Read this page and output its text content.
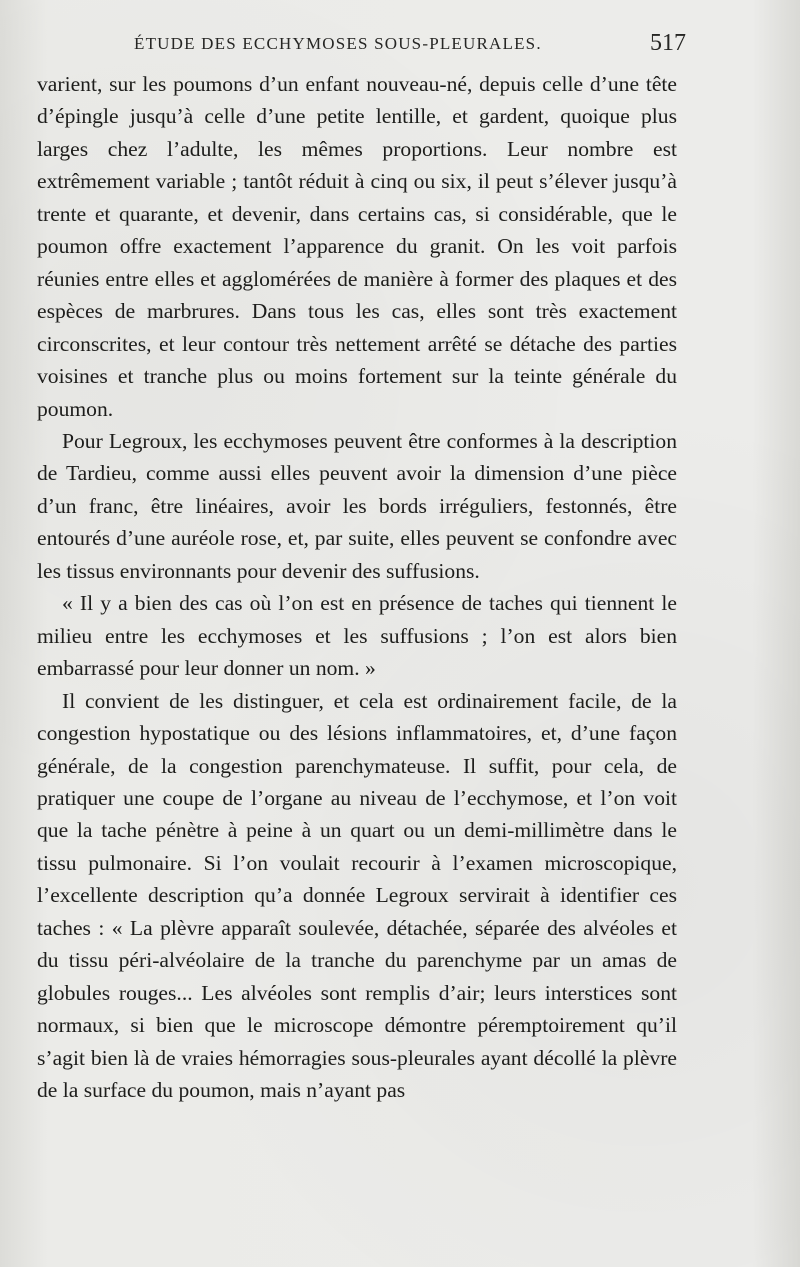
ÉTUDE DES ECCHYMOSES SOUS-PLEURALES.	517

varient, sur les poumons d’un enfant nouveau-né, depuis celle d’une tête d’épingle jusqu’à celle d’une petite lentille, et gardent, quoique plus larges chez l’adulte, les mêmes proportions. Leur nombre est extrêmement variable ; tantôt réduit à cinq ou six, il peut s’élever jusqu’à trente et quarante, et devenir, dans certains cas, si considérable, que le poumon offre exactement l’apparence du granit. On les voit parfois réunies entre elles et agglomérées de manière à former des plaques et des espèces de marbrures. Dans tous les cas, elles sont très exactement circonscrites, et leur contour très nettement arrêté se détache des parties voisines et tranche plus ou moins fortement sur la teinte générale du poumon.

Pour Legroux, les ecchymoses peuvent être conformes à la description de Tardieu, comme aussi elles peuvent avoir la dimension d’une pièce d’un franc, être linéaires, avoir les bords irréguliers, festonnés, être entourés d’une auréole rose, et, par suite, elles peuvent se confondre avec les tissus environnants pour devenir des suffusions.

« Il y a bien des cas où l’on est en présence de taches qui tiennent le milieu entre les ecchymoses et les suffusions ; l’on est alors bien embarrassé pour leur donner un nom. »

Il convient de les distinguer, et cela est ordinairement facile, de la congestion hypostatique ou des lésions inflammatoires, et, d’une façon générale, de la congestion parenchymateuse. Il suffit, pour cela, de pratiquer une coupe de l’organe au niveau de l’ecchymose, et l’on voit que la tache pénètre à peine à un quart ou un demi-millimètre dans le tissu pulmonaire. Si l’on voulait recourir à l’examen microscopique, l’excellente description qu’a donnée Legroux servirait à identifier ces taches : « La plèvre apparaît soulevée, détachée, séparée des alvéoles et du tissu péri-alvéolaire de la tranche du parenchyme par un amas de globules rouges... Les alvéoles sont remplis d’air; leurs interstices sont normaux, si bien que le microscope démontre péremptoirement qu’il s’agit bien là de vraies hémorragies sous-pleurales ayant décollé la plèvre de la surface du poumon, mais n’ayant pas
